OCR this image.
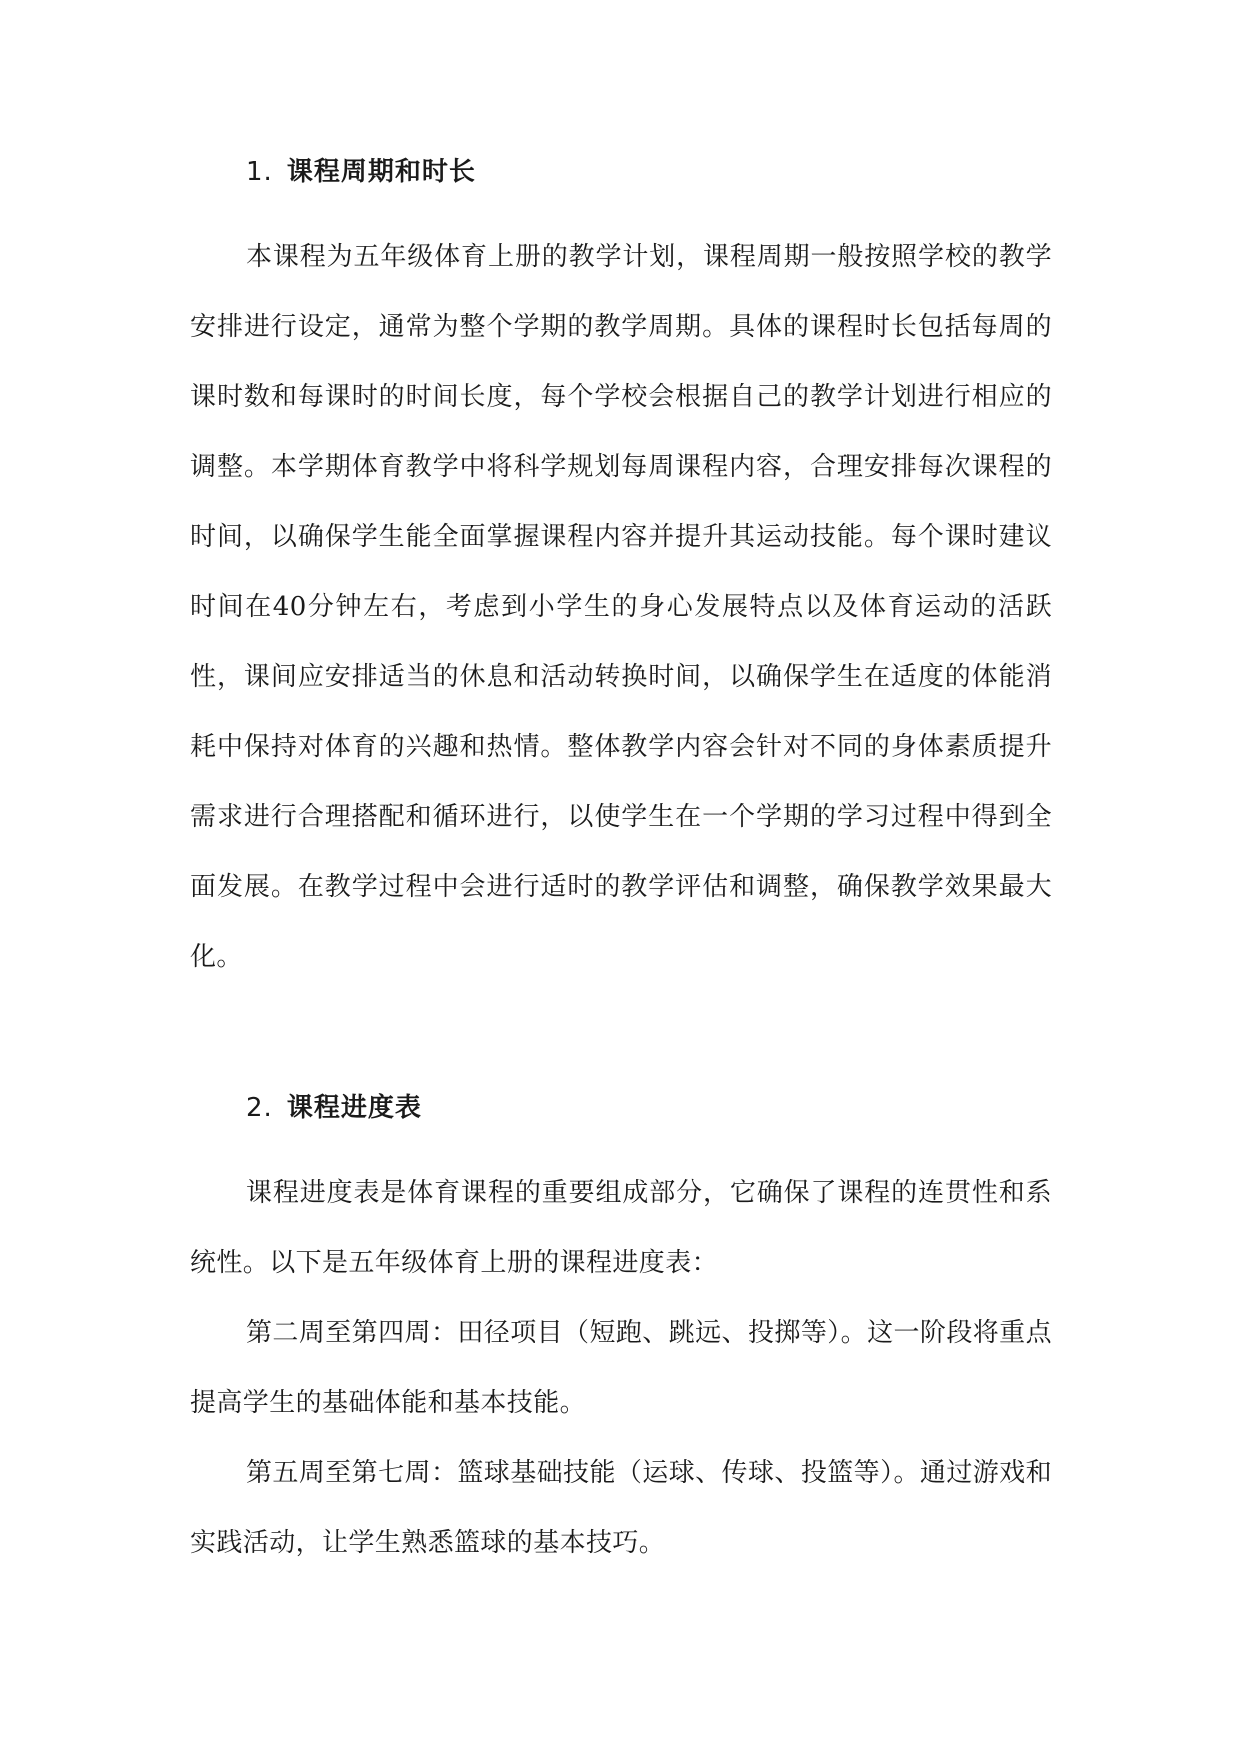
1. 课程周期和时长

本课程为五年级体育上册的教学计划，课程周期一般按照学校的教学安排进行设定，通常为整个学期的教学周期。具体的课程时长包括每周的课时数和每课时的时间长度，每个学校会根据自己的教学计划进行相应的调整。本学期体育教学中将科学规划每周课程内容，合理安排每次课程的时间，以确保学生能全面掌握课程内容并提升其运动技能。每个课时建议时间在40分钟左右，考虑到小学生的身心发展特点以及体育运动的活跃性，课间应安排适当的休息和活动转换时间，以确保学生在适度的体能消耗中保持对体育的兴趣和热情。整体教学内容会针对不同的身体素质提升需求进行合理搭配和循环进行，以使学生在一个学期的学习过程中得到全面发展。在教学过程中会进行适时的教学评估和调整，确保教学效果最大化。

2. 课程进度表

课程进度表是体育课程的重要组成部分，它确保了课程的连贯性和系统性。以下是五年级体育上册的课程进度表：

第二周至第四周：田径项目（短跑、跳远、投掷等）。这一阶段将重点提高学生的基础体能和基本技能。

第五周至第七周：篮球基础技能（运球、传球、投篮等）。通过游戏和实践活动，让学生熟悉篮球的基本技巧。
